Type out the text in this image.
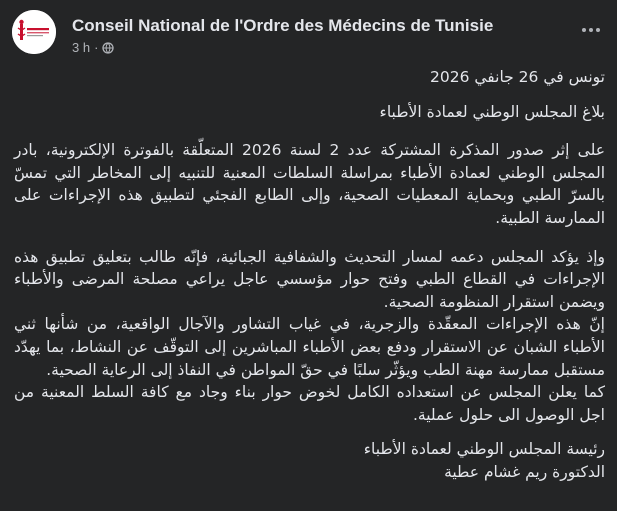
Conseil National de l'Ordre des Médecins de Tunisie
3 h ·

تونس في 26 جانفي 2026

بلاغ المجلس الوطني لعمادة الأطباء

على إثر صدور المذكرة المشتركة عدد 2 لسنة 2026 المتعلّقة بالفوترة الإلكترونية، بادر المجلس الوطني لعمادة الأطباء بمراسلة السلطات المعنية للتنبيه إلى المخاطر التي تمسّ بالسرّ الطبي وبحماية المعطيات الصحية، وإلى الطابع الفجئي لتطبيق هذه الإجراءات على الممارسة الطبية.

وإذ يؤكد المجلس دعمه لمسار التحديث والشفافية الجبائية، فإنّه طالب بتعليق تطبيق هذه الإجراءات في القطاع الطبي وفتح حوار مؤسسي عاجل يراعي مصلحة المرضى والأطباء ويضمن استقرار المنظومة الصحية.

إنّ هذه الإجراءات المعقّدة والزجرية، في غياب التشاور والآجال الواقعية، من شأنها ثني الأطباء الشبان عن الاستقرار ودفع بعض الأطباء المباشرين إلى التوقّف عن النشاط، بما يهدّد مستقبل ممارسة مهنة الطب ويؤثّر سلبًا في حقّ المواطن في النفاذ إلى الرعاية الصحية.

كما يعلن المجلس عن استعداده الكامل لخوض حوار بناء وجاد مع كافة السلط المعنية من اجل الوصول الى حلول عملية.

رئيسة المجلس الوطني لعمادة الأطباء

الدكتورة ريم غشام عطية
